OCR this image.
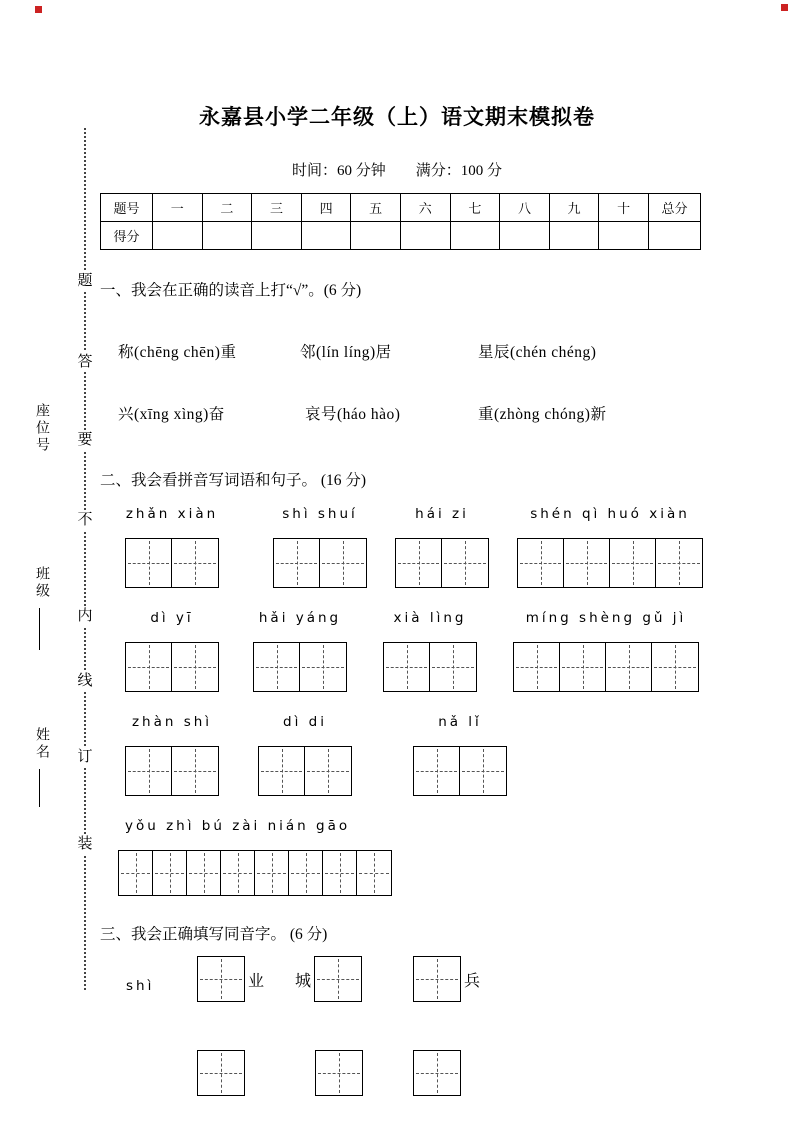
题
答
要
不
内
线
订
装
座位号
班级
姓名
永嘉县小学二年级（上）语文期末模拟卷
时间：60 分钟 满分：100 分
题号	一	二	三	四	五	六	七	八	九	十	总分
得分											
一、我会在正确的读音上打“√”。(6 分)
称(chēng chēn)重	邻(lín líng)居	星辰(chén chéng)
兴(xīng xìng)奋	哀号(háo hào)	重(zhòng chóng)新
二、我会看拼音写词语和句子。 (16 分)
zhǎn xiàn	shì shuí	hái zi	shén qì huó xiàn
dì yī	hǎi yáng	xià lìng	míng shèng gǔ jì
zhàn shì	dì di	nǎ lǐ
yǒu zhì bú zài nián gāo
三、我会正确填写同音字。 (6 分)
shì	业 城	兵
